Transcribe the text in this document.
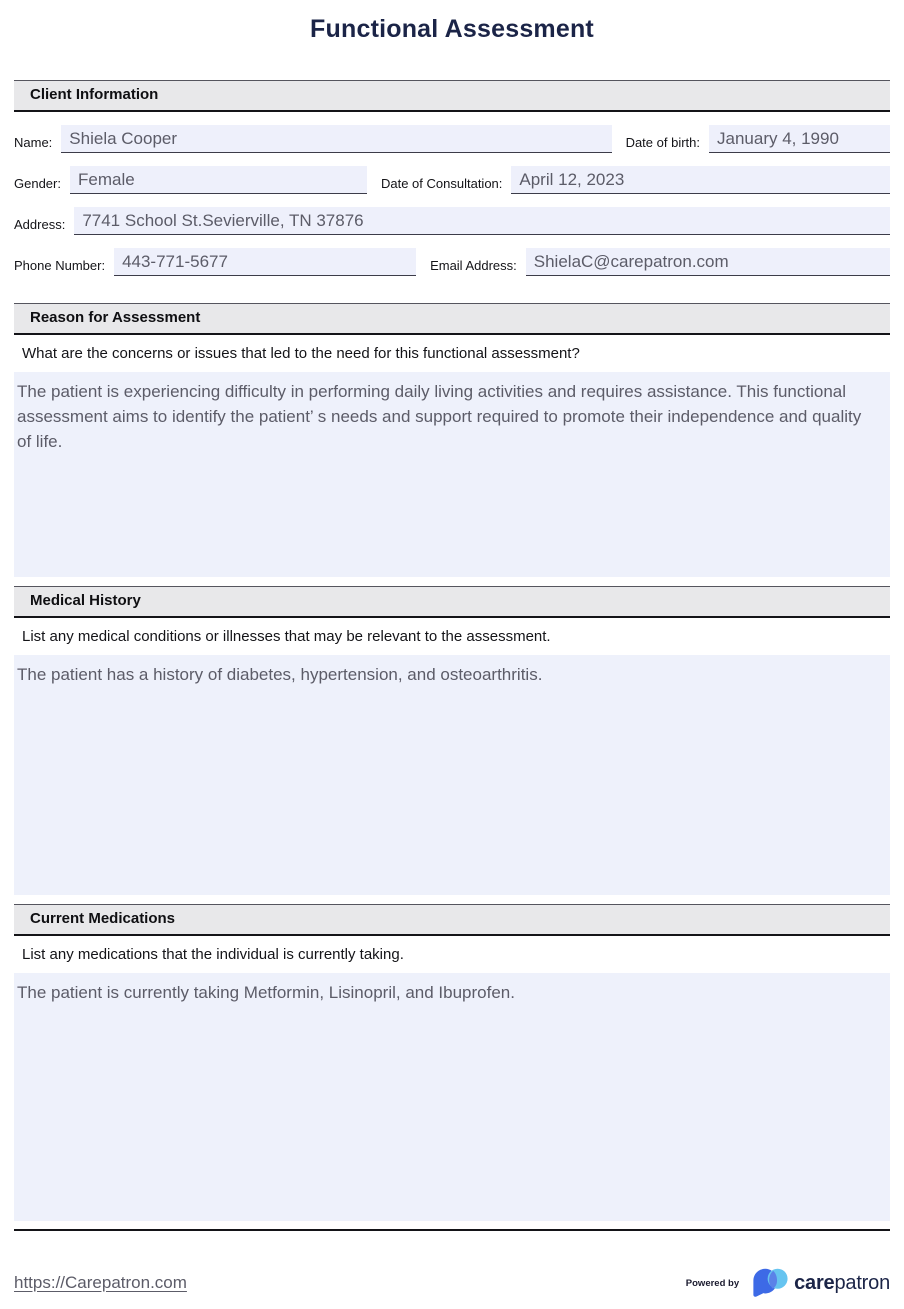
Functional Assessment
Client Information
Name:	Shiela Cooper	Date of birth:	January 4, 1990
Gender:	Female	Date of Consultation:	April 12, 2023
Address:	7741 School St.Sevierville, TN 37876
Phone Number:	443-771-5677	Email Address:	ShielaC@carepatron.com
Reason for Assessment
What are the concerns or issues that led to the need for this functional assessment?
The patient is experiencing difficulty in performing daily living activities and requires assistance. This functional assessment aims to identify the patient’ s needs and support required to promote their independence and quality of life.
Medical History
List any medical conditions or illnesses that may be relevant to the assessment.
The patient has a history of diabetes, hypertension, and osteoarthritis.
Current Medications
List any medications that the individual is currently taking.
The patient is currently taking Metformin, Lisinopril, and Ibuprofen.
https://Carepatron.com	Powered by	carepatron
